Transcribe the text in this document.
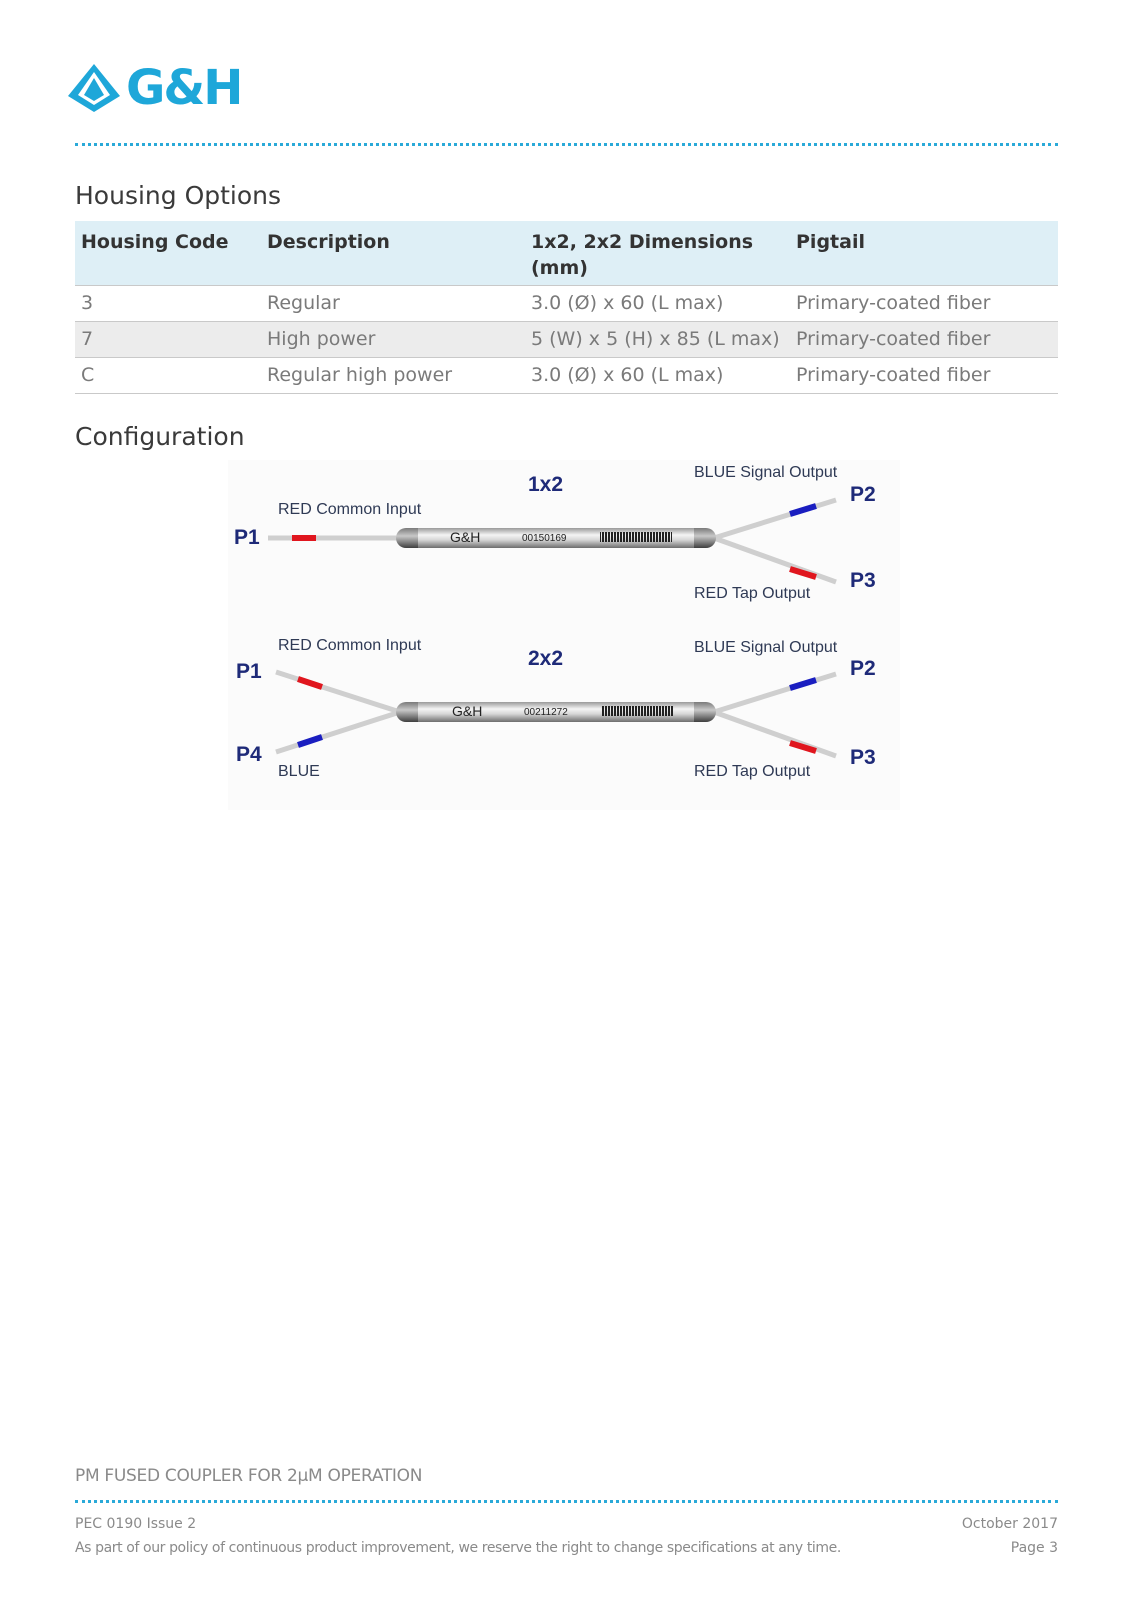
G&H
Housing Options
Housing Code	Description	1x2, 2x2 Dimensions (mm)	Pigtail
3	Regular	3.0 (Ø) x 60 (L max)	Primary-coated fiber
7	High power	5 (W) x 5 (H) x 85 (L max)	Primary-coated fiber
C	Regular high power	3.0 (Ø) x 60 (L max)	Primary-coated fiber
Configuration
1x2
RED Common Input
BLUE Signal Output
RED Tap Output
P1
P2
P3
G&H	00150169
2x2
RED Common Input	BLUE Signal Output
RED Tap Output
BLUE
P1
P4
P2
P3
G&H	00211272
PM FUSED COUPLER FOR 2μM OPERATION
PEC 0190 Issue 2
As part of our policy of continuous product improvement, we reserve the right to change specifications at any time.
October 2017
Page 3
